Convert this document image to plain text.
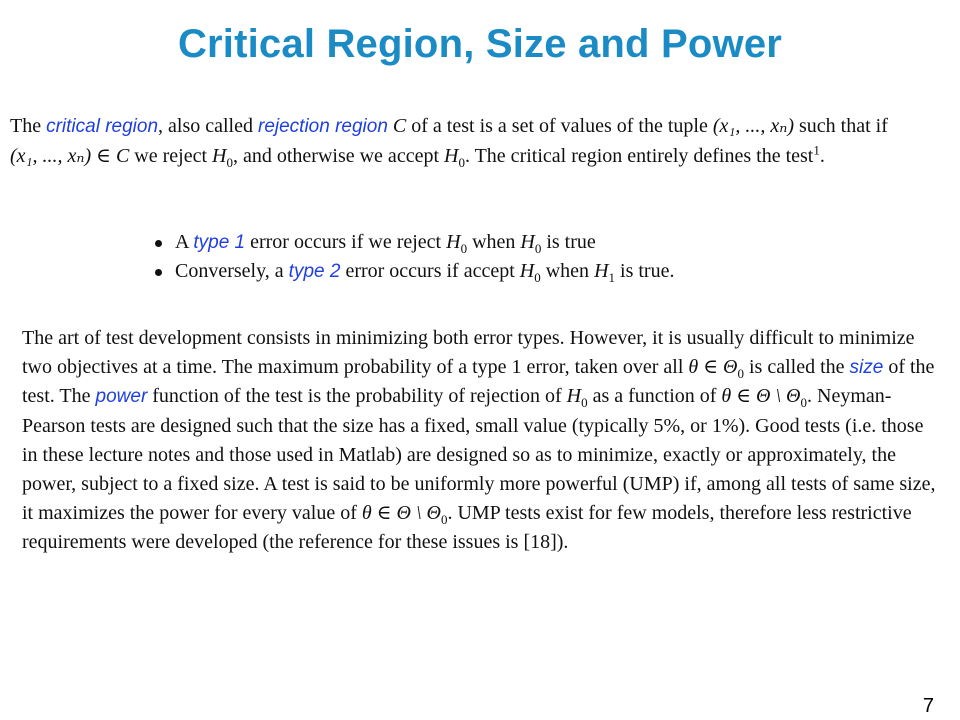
Critical Region, Size and Power

The critical region, also called rejection region C of a test is a set of values of the tuple (x₁, ..., xₙ) such that if (x₁, ..., xₙ) ∈ C we reject $H_0$, and otherwise we accept $H_0$. The critical region entirely defines the test$^1$.

A type 1 error occurs if we reject $H_0$ when $H_0$ is true
Conversely, a type 2 error occurs if accept $H_0$ when $H_1$ is true.

The art of test development consists in minimizing both error types. However, it is usually difficult to minimize two objectives at a time. The maximum probability of a type 1 error, taken over all θ ∈ $\Theta_0$ is called the size of the test. The power function of the test is the probability of rejection of $H_0$ as a function of θ ∈ Θ \ $\Theta_0$. Neyman-Pearson tests are designed such that the size has a fixed, small value (typically 5%, or 1%). Good tests (i.e. those in these lecture notes and those used in Matlab) are designed so as to minimize, exactly or approximately, the power, subject to a fixed size. A test is said to be uniformly more powerful (UMP) if, among all tests of same size, it maximizes the power for every value of θ ∈ Θ \ $\Theta_0$. UMP tests exist for few models, therefore less restrictive requirements were developed (the reference for these issues is [18]).

7
